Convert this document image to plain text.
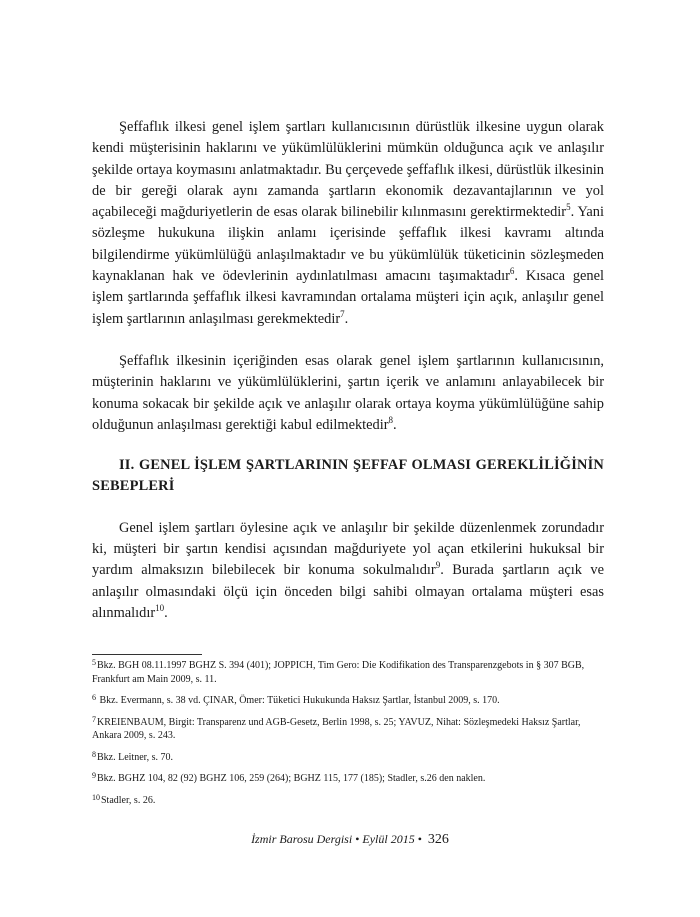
Şeffaflık ilkesi genel işlem şartları kullanıcısının dürüstlük ilkesine uygun olarak kendi müşterisinin haklarını ve yükümlülüklerini mümkün olduğunca açık ve anlaşılır şekilde ortaya koymasını anlatmaktadır. Bu çerçevede şeffaflık ilkesi, dürüstlük ilkesinin de bir gereği olarak aynı zamanda şartların ekonomik dezavantajlarının ve yol açabileceği mağduriyetlerin de esas olarak bilinebilir kılınmasını gerektirmektedir$^5$. Yani sözleşme hukukuna ilişkin anlamı içerisinde şeffaflık ilkesi kavramı altında bilgilendirme yükümlülüğü anlaşılmaktadır ve bu yükümlülük tüketicinin sözleşmeden kaynaklanan hak ve ödevlerinin aydınlatılması amacını taşımaktadır$^6$. Kısaca genel işlem şartlarında şeffaflık ilkesi kavramından ortalama müşteri için açık, anlaşılır genel işlem şartlarının anlaşılması gerekmektedir$^7$.

Şeffaflık ilkesinin içeriğinden esas olarak genel işlem şartlarının kullanıcısının, müşterinin haklarını ve yükümlülüklerini, şartın içerik ve anlamını anlayabilecek bir konuma sokacak bir şekilde açık ve anlaşılır olarak ortaya koyma yükümlülüğüne sahip olduğunun anlaşılması gerektiği kabul edilmektedir$^8$.

II. GENEL İŞLEM ŞARTLARININ ŞEFFAF OLMASI GEREKLİLİĞİNİN SEBEPLERİ

Genel işlem şartları öylesine açık ve anlaşılır bir şekilde düzenlenmek zorundadır ki, müşteri bir şartın kendisi açısından mağduriyete yol açan etkilerini hukuksal bir yardım almaksızın bilebilecek bir konuma sokulmalıdır$^9$. Burada şartların açık ve anlaşılır olmasındaki ölçü için önceden bilgi sahibi olmayan ortalama müşteri esas alınmalıdır$^{10}$.

$^5$Bkz. BGH 08.11.1997 BGHZ S. 394 (401); JOPPICH, Tim Gero: Die Kodifikation des Transparenzgebots in § 307 BGB, Frankfurt am Main 2009, s. 11.

$^6$ Bkz. Evermann, s. 38 vd. ÇINAR, Ömer: Tüketici Hukukunda Haksız Şartlar, İstanbul 2009, s. 170.

$^7$KREIENBAUM, Birgit: Transparenz und AGB-Gesetz, Berlin 1998, s. 25; YAVUZ, Nihat: Sözleşmedeki Haksız Şartlar, Ankara 2009, s. 243.

$^8$Bkz. Leitner, s. 70.

$^9$Bkz. BGHZ 104, 82 (92) BGHZ 106, 259 (264); BGHZ 115, 177 (185); Stadler, s.26 den naklen.

$^{10}$Stadler, s. 26.

İzmir Barosu Dergisi • Eylül 2015 • 326
